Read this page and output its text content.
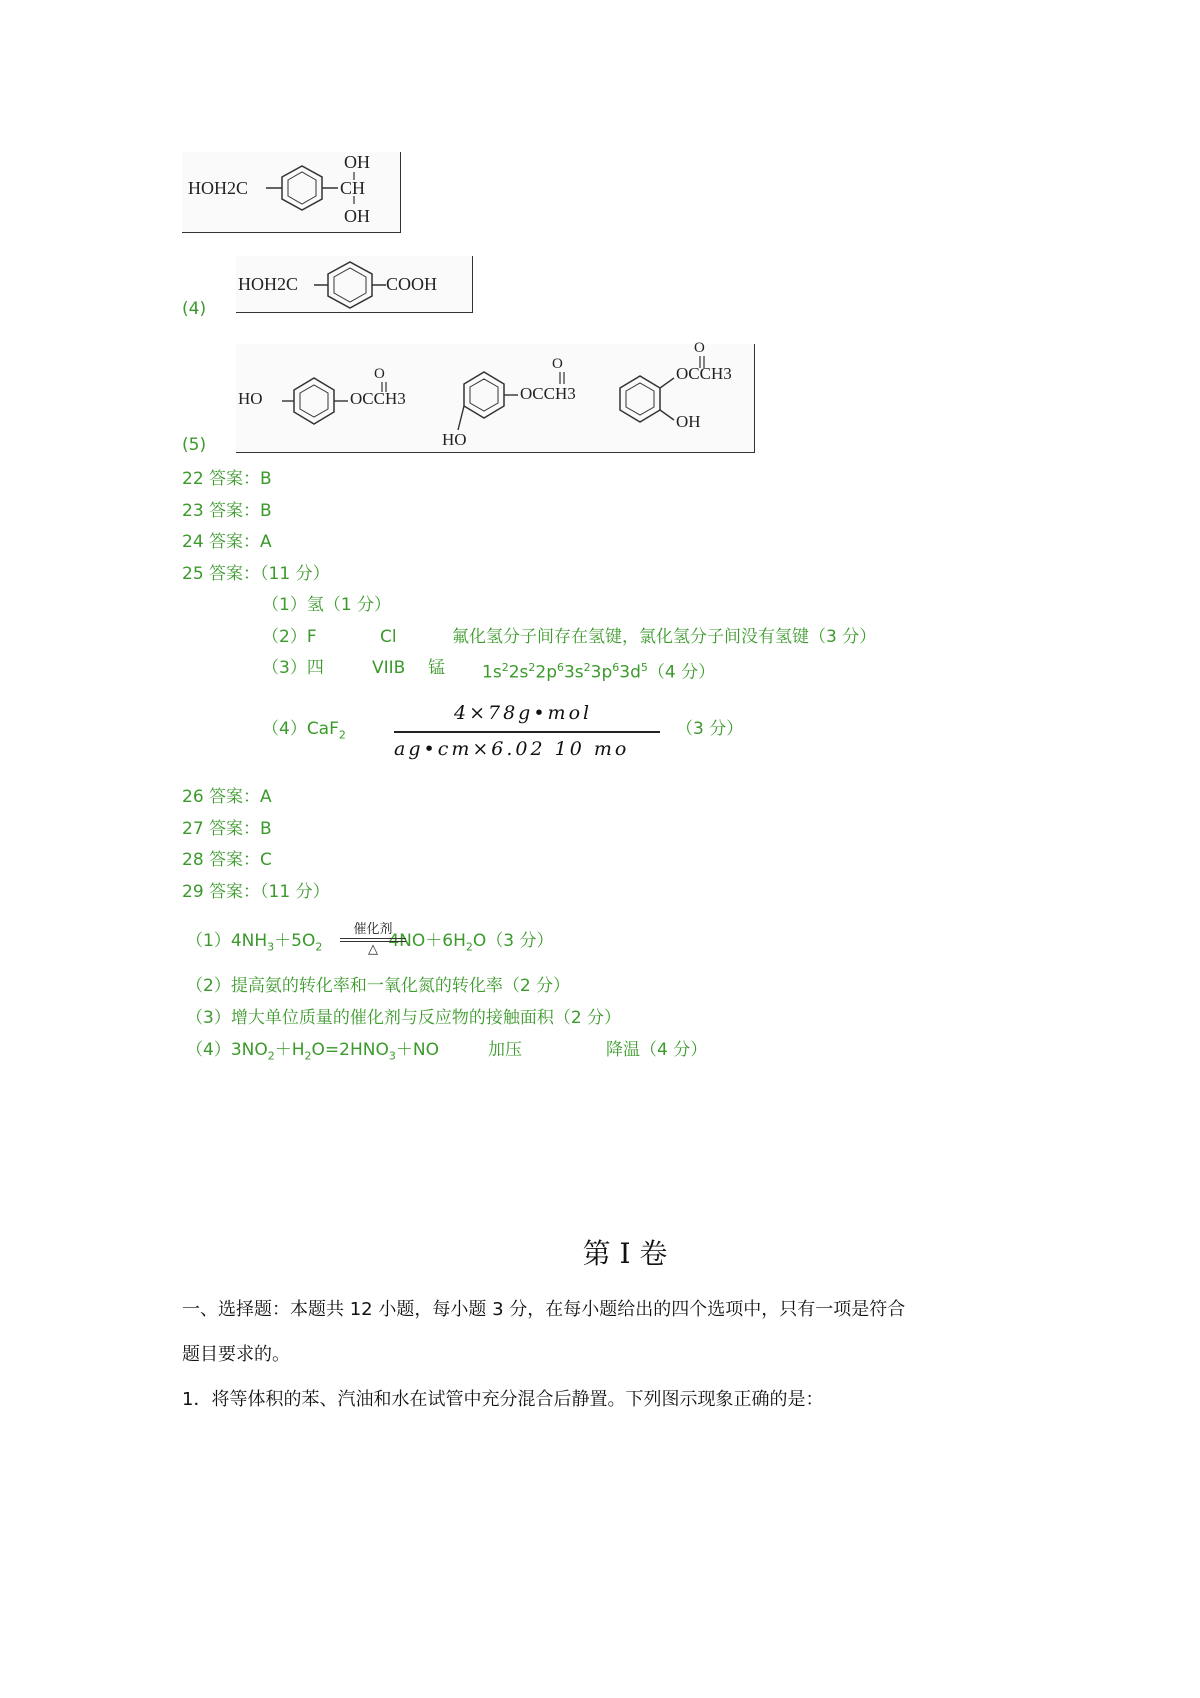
HOH2C
OH
CH
OH
(4)
HOH2C	COOH
(5)
HO
O
OCCH3
HO
O
OCCH3
O
OCCH3
OH
22 答案：B
23 答案：B
24 答案：A
25 答案：（11 分）
（1）氢（1 分）
（2）F	Cl	氟化氢分子间存在氢键，氯化氢分子间没有氢键（3 分）
（3）四	VIIB 锰 $1s^22s^22p^63s^23p^63d^5(4$ 分）
（4）CaF$_2$
4×78g•mol
ag•cm×6.02 10 mo
（3 分）
26 答案：A
27 答案：B
28 答案：C
29 答案：（11 分）
$(1)4NH_3+5O_2$	$4NO+6H_2O(3$ 分）
催化剂
△
（2）提高氨的转化率和一氧化氮的转化率（2 分）
（3）增大单位质量的催化剂与反应物的接触面积（2 分）
$(4)3NO_2+H_2O=2HNO_3+NO$	加压	降温（4 分）
第 I 卷
一、选择题：本题共 12 小题，每小题 3 分，在每小题给出的四个选项中，只有一项是符合
题目要求的。
1．将等体积的苯、汽油和水在试管中充分混合后静置。下列图示现象正确的是：
